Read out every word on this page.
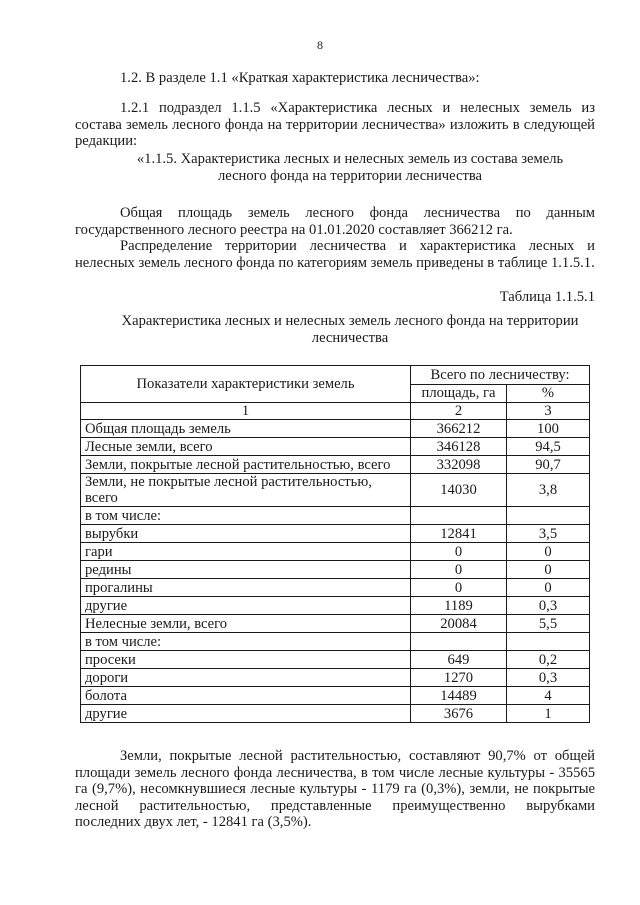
8
1.2. В разделе 1.1 «Краткая характеристика лесничества»:
1.2.1 подраздел 1.1.5 «Характеристика лесных и нелесных земель из состава земель лесного фонда на территории лесничества» изложить в следующей редакции:
«1.1.5. Характеристика лесных и нелесных земель из состава земель
лесного фонда на территории лесничества
Общая площадь земель лесного фонда лесничества по данным государственного лесного реестра на 01.01.2020 составляет 366212 га.
Распределение территории лесничества и характеристика лесных и нелесных земель лесного фонда по категориям земель приведены в таблице 1.1.5.1.
Таблица 1.1.5.1
Характеристика лесных и нелесных земель лесного фонда на территории лесничества
Показатели характеристики земель	Всего по лесничеству:	
	площадь, га	%
1	2	3
Общая площадь земель	366212	100
Лесные земли, всего	346128	94,5
Земли, покрытые лесной растительностью, всего	332098	90,7
Земли, не покрытые лесной растительностью, всего	14030	3,8
в том числе:		
вырубки	12841	3,5
гари	0	0
редины	0	0
прогалины	0	0
другие	1189	0,3
Нелесные земли, всего	20084	5,5
в том числе:		
просеки	649	0,2
дороги	1270	0,3
болота	14489	4
другие	3676	1
Земли, покрытые лесной растительностью, составляют 90,7% от общей площади земель лесного фонда лесничества, в том числе лесные культуры - 35565 га (9,7%), несомкнувшиеся лесные культуры - 1179 га (0,3%), земли, не покрытые лесной растительностью, представленные преимущественно вырубками последних двух лет, - 12841 га (3,5%).
